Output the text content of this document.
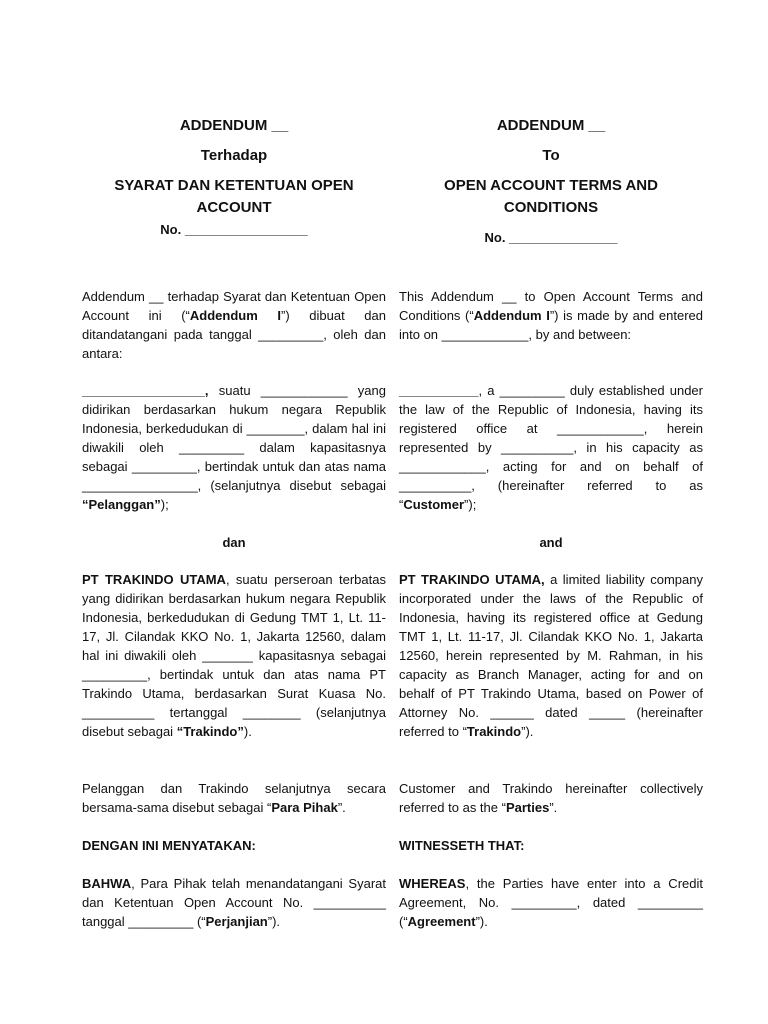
ADDENDUM __
Terhadap
SYARAT DAN KETENTUAN OPEN ACCOUNT
No. _________________
Addendum __ terhadap Syarat dan Ketentuan Open Account ini (“Addendum I”) dibuat dan ditandatangani pada tanggal _________, oleh dan antara:
_________________, suatu ____________ yang didirikan berdasarkan hukum negara Republik Indonesia, berkedudukan di ________, dalam hal ini diwakili oleh _________ dalam kapasitasnya sebagai _________, bertindak untuk dan atas nama ________________, (selanjutnya disebut sebagai “Pelanggan”);
dan
PT TRAKINDO UTAMA, suatu perseroan terbatas yang didirikan berdasarkan hukum negara Republik Indonesia, berkedudukan di Gedung TMT 1, Lt. 11-17, Jl. Cilandak KKO No. 1, Jakarta 12560, dalam hal ini diwakili oleh _______ kapasitasnya sebagai _________, bertindak untuk dan atas nama PT Trakindo Utama, berdasarkan Surat Kuasa No. __________ tertanggal ________ (selanjutnya disebut sebagai “Trakindo”).
Pelanggan dan Trakindo selanjutnya secara bersama-sama disebut sebagai “Para Pihak”.
DENGAN INI MENYATAKAN:
BAHWA, Para Pihak telah menandatangani Syarat dan Ketentuan Open Account No. __________ tanggal _________ (“Perjanjian”).
ADDENDUM __
To
OPEN ACCOUNT TERMS AND CONDITIONS
No. _______________
This Addendum __ to Open Account Terms and Conditions (“Addendum I”) is made by and entered into on ____________, by and between:
___________, a _________ duly established under the law of the Republic of Indonesia, having its registered office at ____________, herein represented by __________, in his capacity as ____________, acting for and on behalf of __________, (hereinafter referred to as “Customer”);
and
PT TRAKINDO UTAMA, a limited liability company incorporated under the laws of the Republic of Indonesia, having its registered office at Gedung TMT 1, Lt. 11-17, Jl. Cilandak KKO No. 1, Jakarta 12560, herein represented by M. Rahman, in his capacity as Branch Manager, acting for and on behalf of PT Trakindo Utama, based on Power of Attorney No. ______ dated _____ (hereinafter referred to “Trakindo”).
Customer and Trakindo hereinafter collectively referred to as the “Parties”.
WITNESSETH THAT:
WHEREAS, the Parties have enter into a Credit Agreement, No. _________, dated _________ (“Agreement”).
